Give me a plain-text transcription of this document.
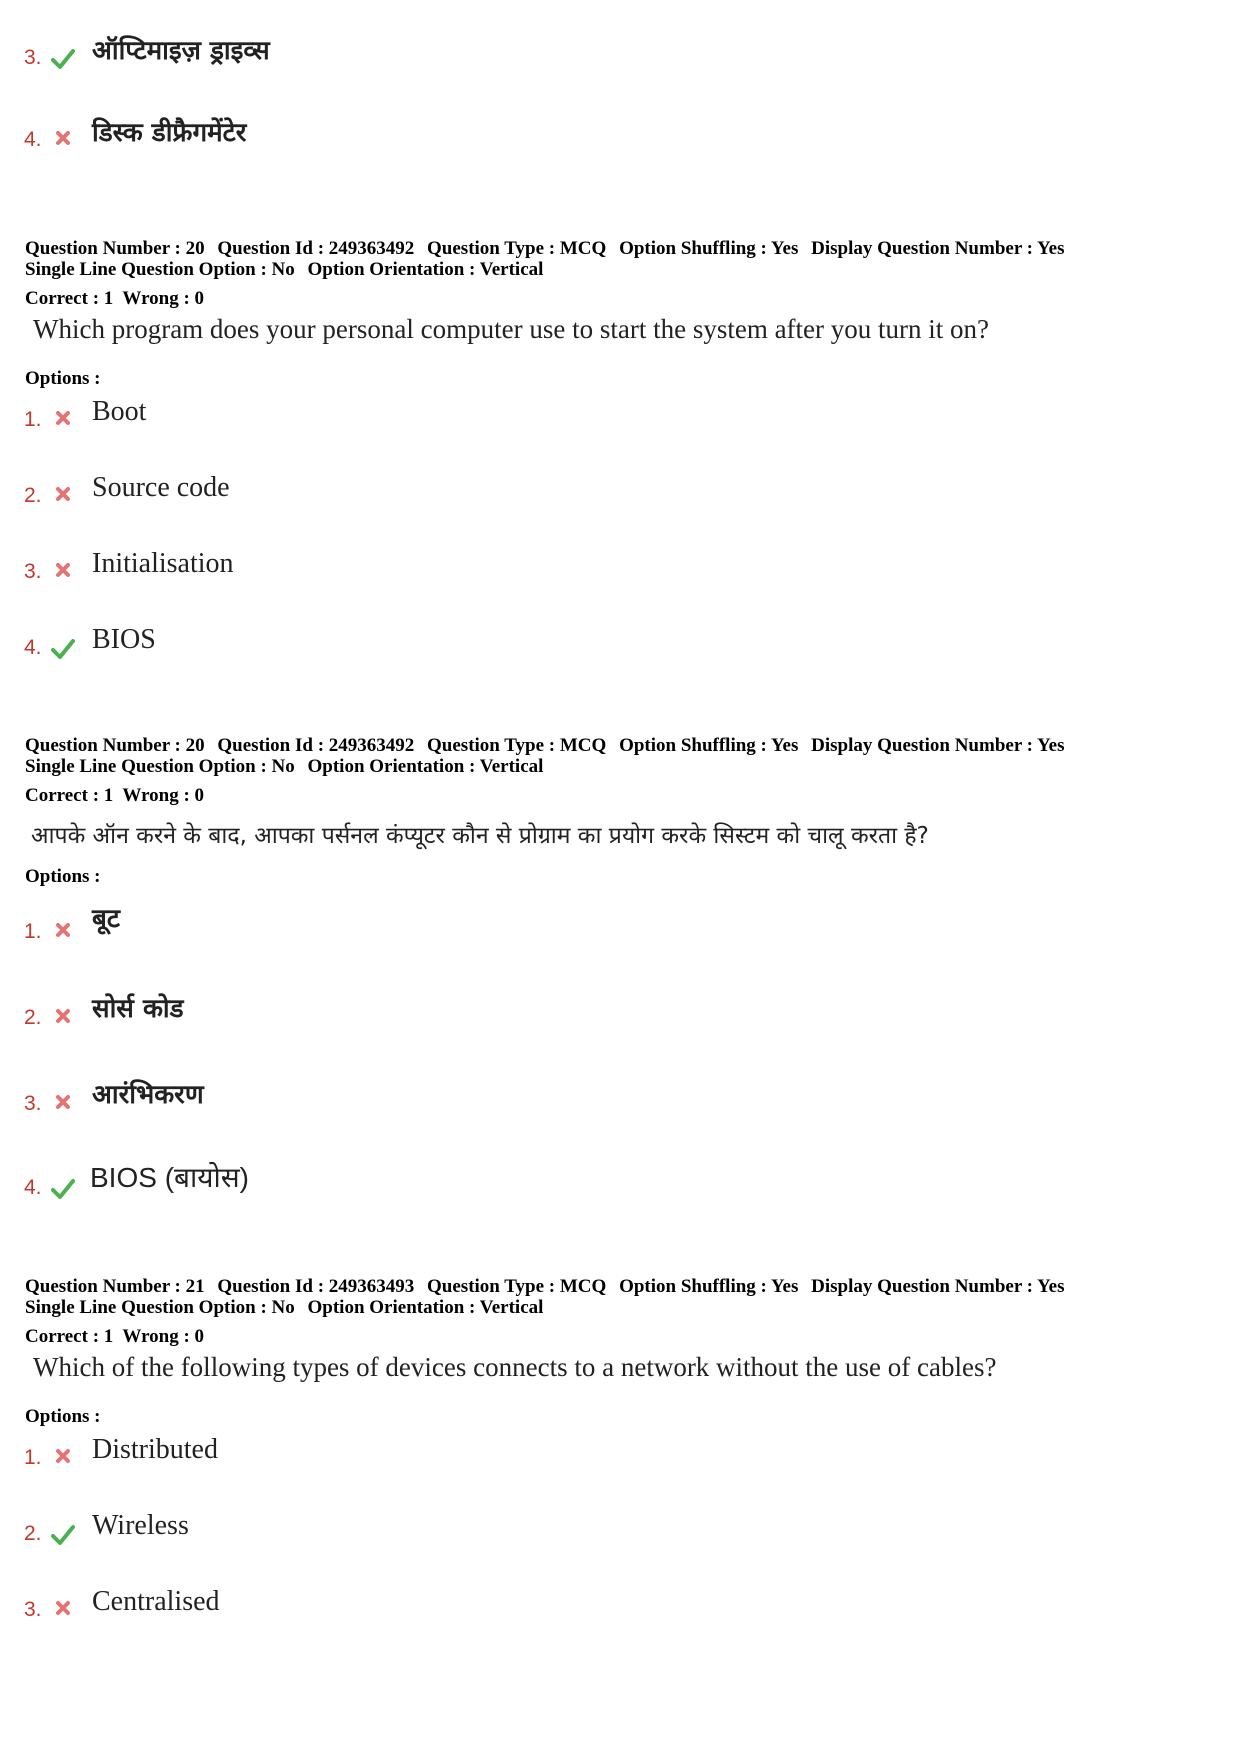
3. ऑप्टिमाइज़ ड्राइव्स
4. डिस्क डीफ्रैगमेंटेर
Question Number : 20 Question Id : 249363492 Question Type : MCQ Option Shuffling : Yes Display Question Number : Yes
Single Line Question Option : No Option Orientation : Vertical
Correct : 1  Wrong : 0
Which program does your personal computer use to start the system after you turn it on?
Options :
1. Boot
2. Source code
3. Initialisation
4. BIOS
Question Number : 20 Question Id : 249363492 Question Type : MCQ Option Shuffling : Yes Display Question Number : Yes
Single Line Question Option : No Option Orientation : Vertical
Correct : 1  Wrong : 0
आपके ऑन करने के बाद, आपका पर्सनल कंप्यूटर कौन से प्रोग्राम का प्रयोग करके सिस्टम को चालू करता है?
Options :
1. बूट
2. सोर्स कोड
3. आरंभिकरण
4. BIOS (बायोस)
Question Number : 21 Question Id : 249363493 Question Type : MCQ Option Shuffling : Yes Display Question Number : Yes
Single Line Question Option : No Option Orientation : Vertical
Correct : 1  Wrong : 0
Which of the following types of devices connects to a network without the use of cables?
Options :
1. Distributed
2. Wireless
3. Centralised
